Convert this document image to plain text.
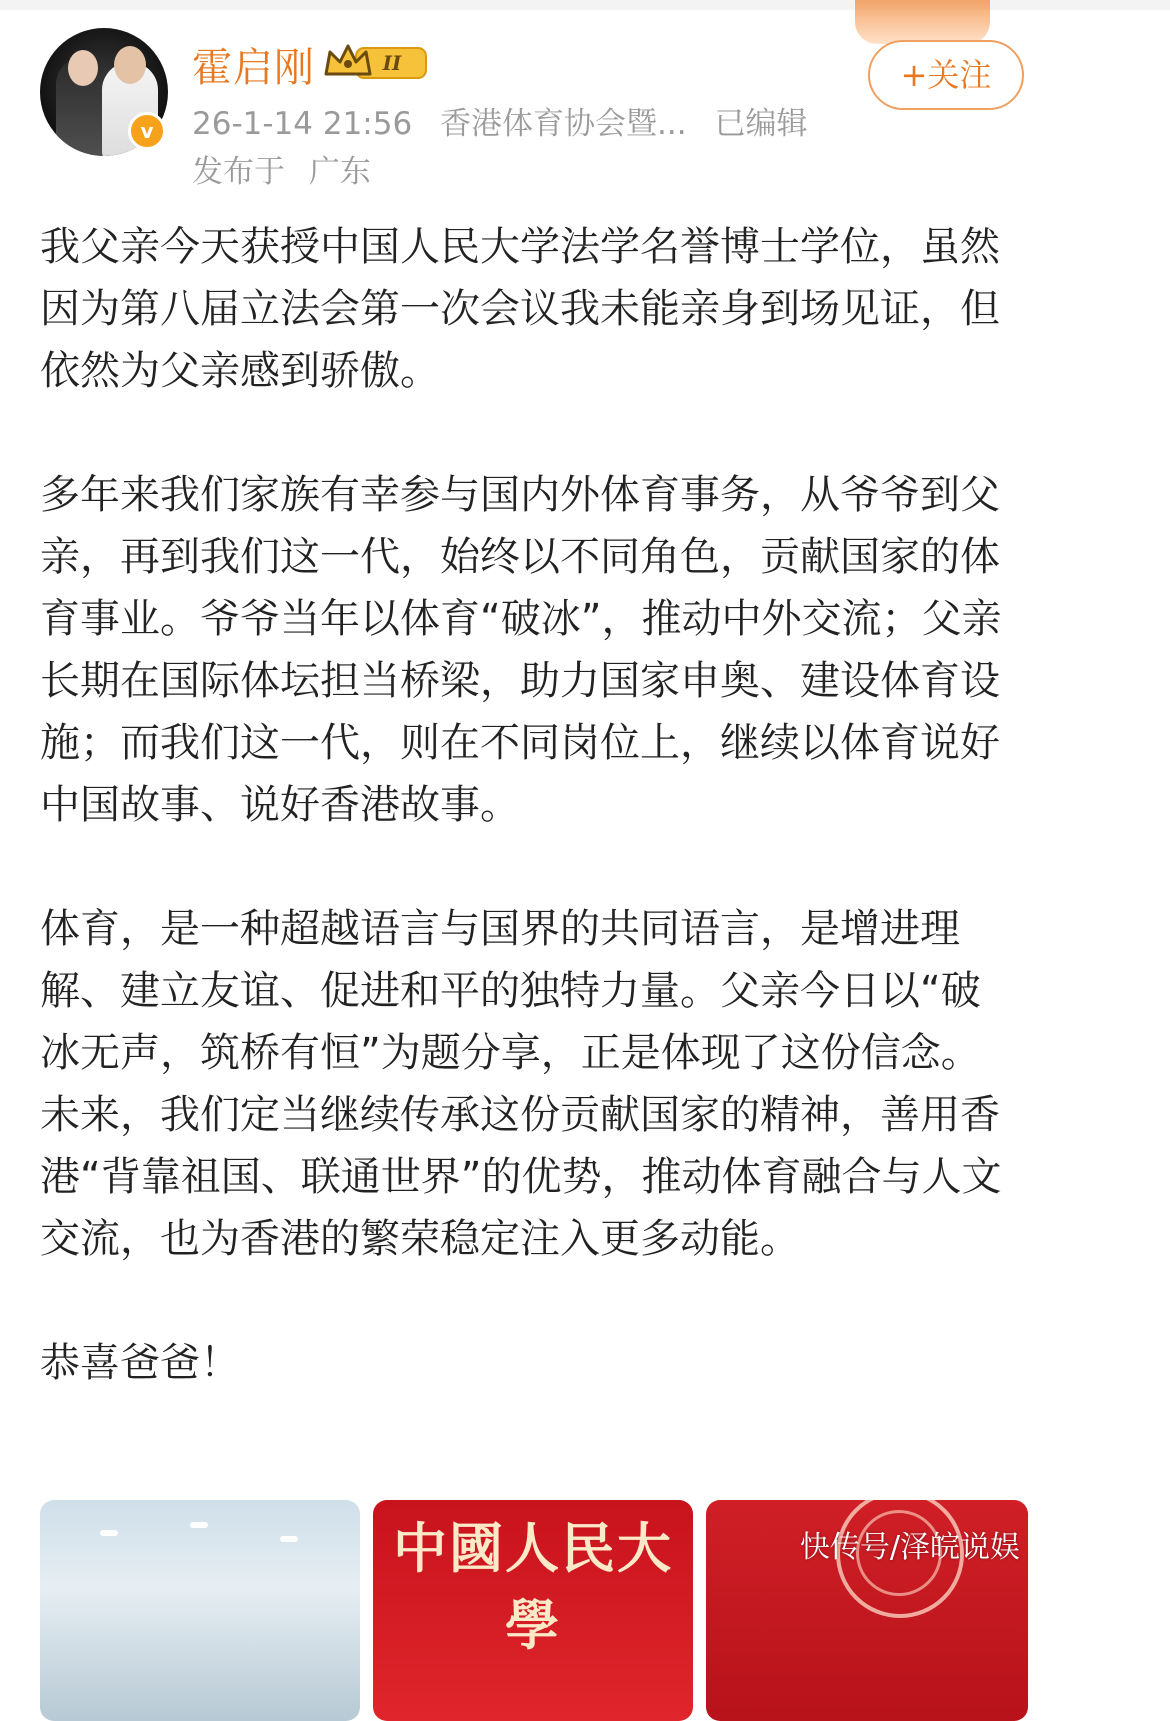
v
霍启刚	II
26-1-14 21:56 香港体育协会暨... 已编辑
发布于 广东
+关注

我父亲今天获授中国人民大学法学名誉博士学位，虽然因为第八届立法会第一次会议我未能亲身到场见证，但依然为父亲感到骄傲。

多年来我们家族有幸参与国内外体育事务，从爷爷到父亲，再到我们这一代，始终以不同角色，贡献国家的体育事业。爷爷当年以体育“破冰”，推动中外交流；父亲长期在国际体坛担当桥梁，助力国家申奥、建设体育设施；而我们这一代，则在不同岗位上，继续以体育说好中国故事、说好香港故事。

体育，是一种超越语言与国界的共同语言，是增进理解、建立友谊、促进和平的独特力量。父亲今日以“破冰无声，筑桥有恒”为题分享，正是体现了这份信念。未来，我们定当继续传承这份贡献国家的精神，善用香港“背靠祖国、联通世界”的优势，推动体育融合与人文交流，也为香港的繁荣稳定注入更多动能。

恭喜爸爸！

中國人民大學
快传号/泽皖说娱
